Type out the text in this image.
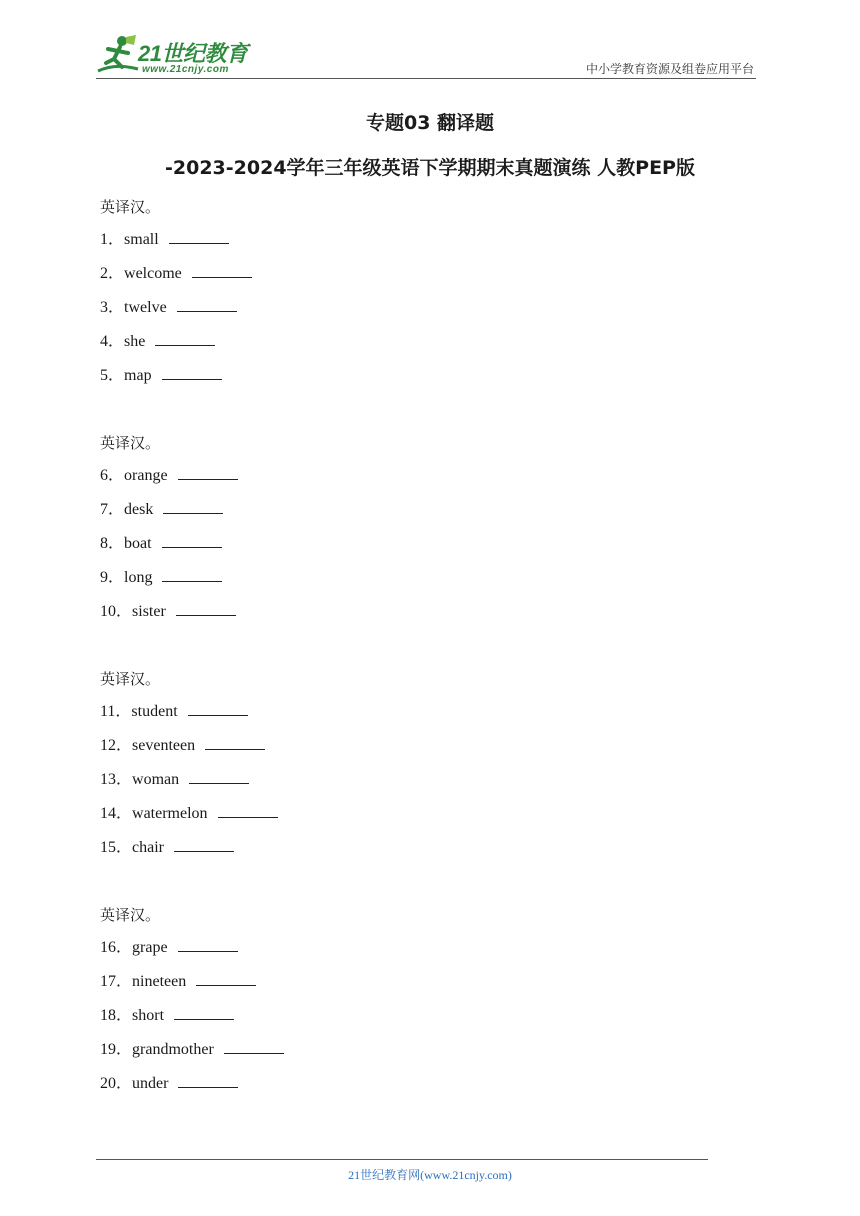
21世纪教育
www.21cnjy.com	中小学教育资源及组卷应用平台
专题03 翻译题
-2023-2024学年三年级英语下学期期末真题演练 人教PEP版
英译汉。
1．small
2．welcome
3．twelve
4．she
5．map
英译汉。
6．orange
7．desk
8．boat
9．long
10．sister
英译汉。
11．student
12．seventeen
13．woman
14．watermelon
15．chair
英译汉。
16．grape
17．nineteen
18．short
19．grandmother
20．under
21世纪教育网(www.21cnjy.com)
